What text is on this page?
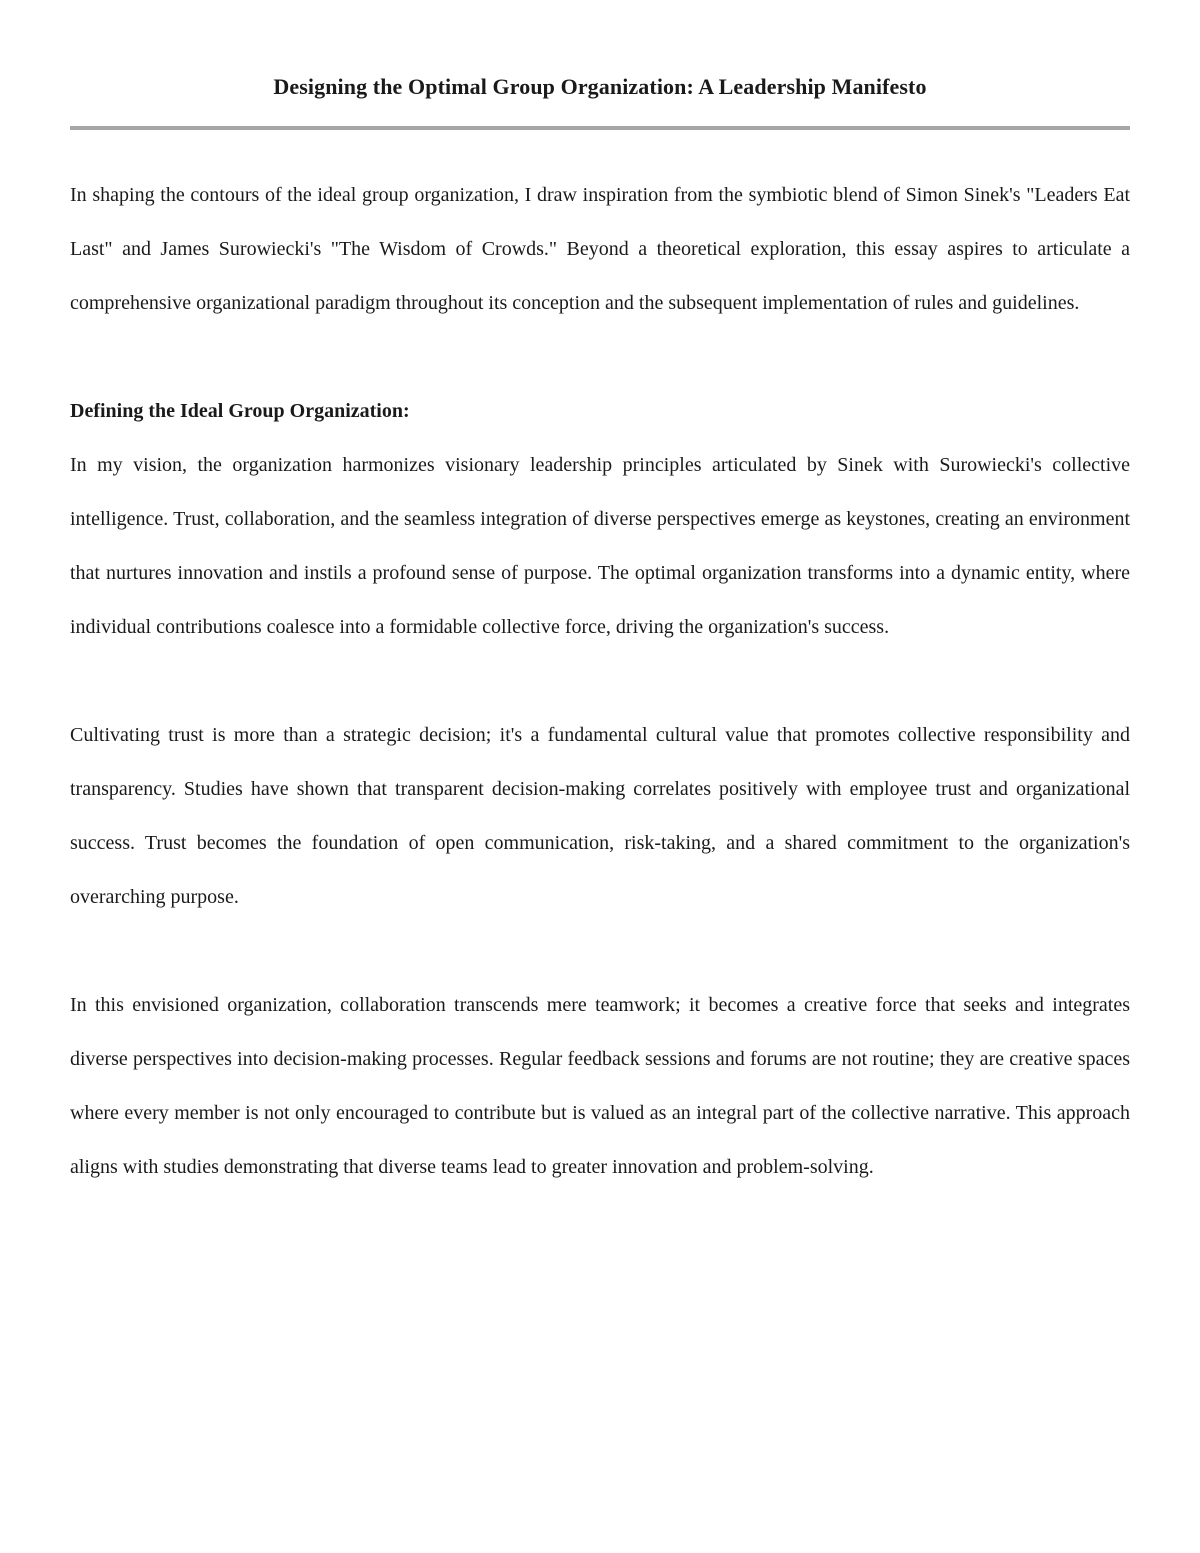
Designing the Optimal Group Organization: A Leadership Manifesto

In shaping the contours of the ideal group organization, I draw inspiration from the symbiotic blend of Simon Sinek's "Leaders Eat Last" and James Surowiecki's "The Wisdom of Crowds." Beyond a theoretical exploration, this essay aspires to articulate a comprehensive organizational paradigm throughout its conception and the subsequent implementation of rules and guidelines.

Defining the Ideal Group Organization:

In my vision, the organization harmonizes visionary leadership principles articulated by Sinek with Surowiecki's collective intelligence. Trust, collaboration, and the seamless integration of diverse perspectives emerge as keystones, creating an environment that nurtures innovation and instils a profound sense of purpose. The optimal organization transforms into a dynamic entity, where individual contributions coalesce into a formidable collective force, driving the organization's success.

Cultivating trust is more than a strategic decision; it's a fundamental cultural value that promotes collective responsibility and transparency. Studies have shown that transparent decision-making correlates positively with employee trust and organizational success. Trust becomes the foundation of open communication, risk-taking, and a shared commitment to the organization's overarching purpose.

In this envisioned organization, collaboration transcends mere teamwork; it becomes a creative force that seeks and integrates diverse perspectives into decision-making processes. Regular feedback sessions and forums are not routine; they are creative spaces where every member is not only encouraged to contribute but is valued as an integral part of the collective narrative. This approach aligns with studies demonstrating that diverse teams lead to greater innovation and problem-solving.
